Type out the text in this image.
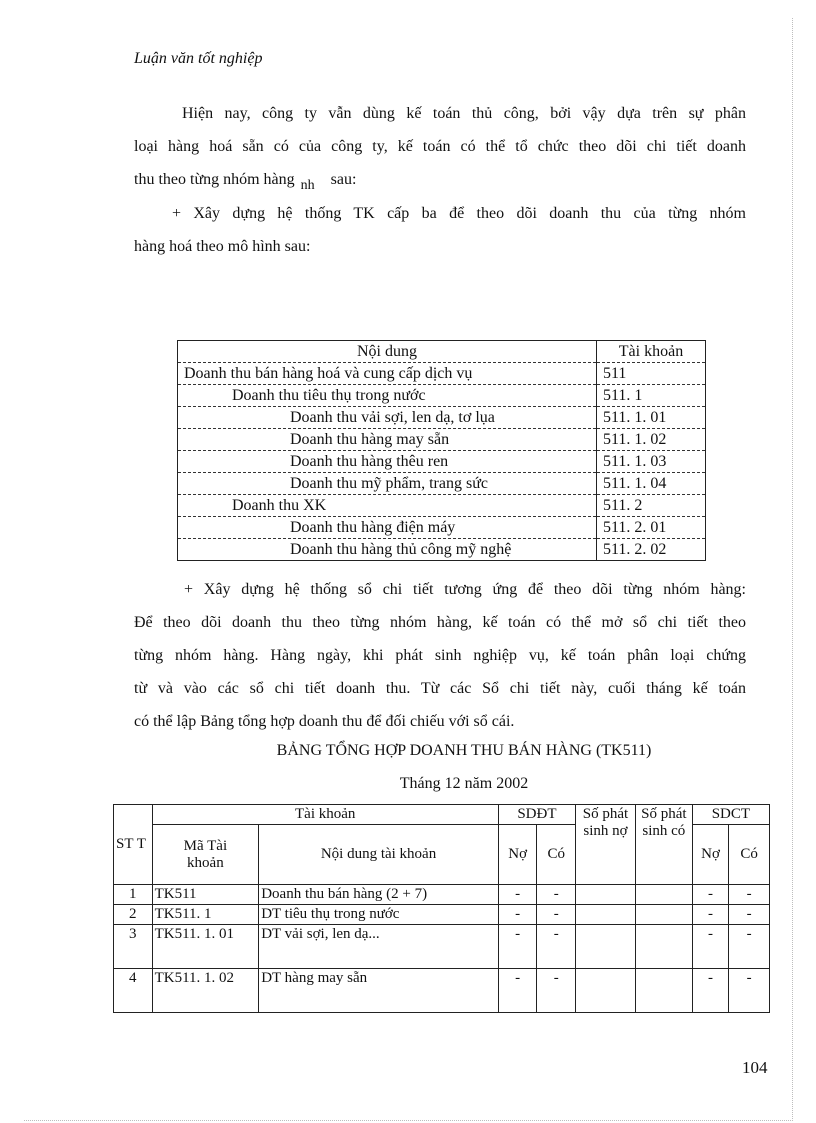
Luận văn tốt nghiệp
Hiện nay, công ty vẫn dùng kế toán thủ công, bởi vậy dựa trên sự phân
loại hàng hoá sẵn có của công ty, kế toán có thể tổ chức theo dõi chi tiết doanh
thu theo từng nhóm hàng nh sau:
+ Xây dựng hệ thống TK cấp ba để theo dõi doanh thu của từng nhóm
hàng hoá theo mô hình sau:
Nội dung	Tài khoản
Doanh thu bán hàng hoá và cung cấp dịch vụ	511
Doanh thu tiêu thụ trong nước	511. 1
Doanh thu vải sợi, len dạ, tơ lụa	511. 1. 01
Doanh thu hàng may sẵn	511. 1. 02
Doanh thu hàng thêu ren	511. 1. 03
Doanh thu mỹ phẩm, trang sức	511. 1. 04
Doanh thu XK	511. 2
Doanh thu hàng điện máy	511. 2. 01
Doanh thu hàng thủ công mỹ nghệ	511. 2. 02
+ Xây dựng hệ thống sổ chi tiết tương ứng để theo dõi từng nhóm hàng:
Để theo dõi doanh thu theo từng nhóm hàng, kế toán có thể mở sổ chi tiết theo
từng nhóm hàng. Hàng ngày, khi phát sinh nghiệp vụ, kế toán phân loại chứng
từ và vào các sổ chi tiết doanh thu. Từ các Sổ chi tiết này, cuối tháng kế toán
có thể lập Bảng tổng hợp doanh thu để đối chiếu với sổ cái.
BẢNG TỔNG HỢP DOANH THU BÁN HÀNG (TK511)
Tháng 12 năm 2002
ST T	Tài khoản		SDĐT		Số phát sinh nợ	Số phát sinh có	SDCT	
	Mã Tài khoản	Nội dung tài khoản	Nợ	Có			Nợ	Có
1	TK511	Doanh thu bán hàng (2 + 7)	-	-			-	-
2	TK511. 1	DT tiêu thụ trong nước	-	-			-	-
3	TK511. 1. 01	DT vải sợi, len dạ...	-	-			-	-
4	TK511. 1. 02	DT hàng may sẵn	-	-			-	-
104
